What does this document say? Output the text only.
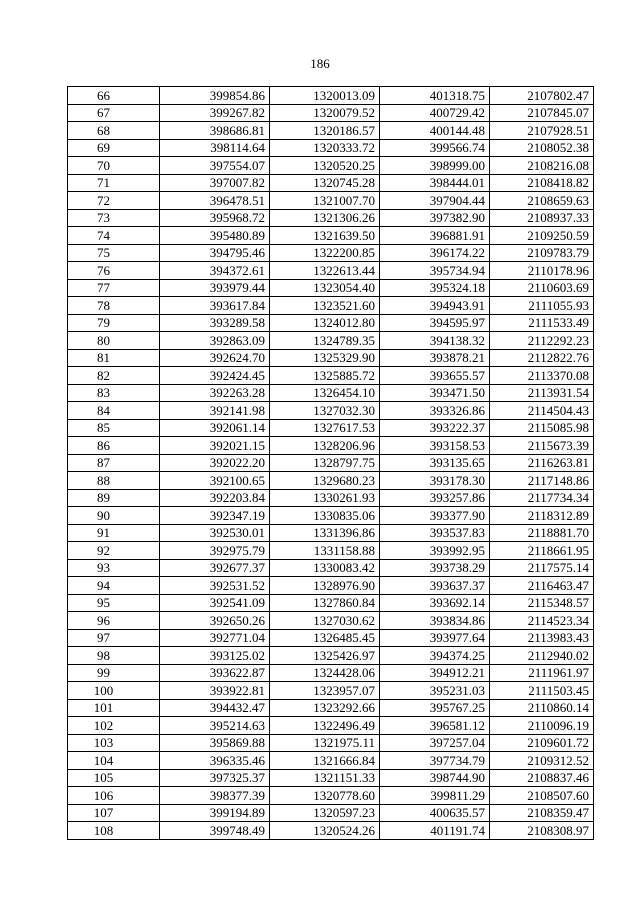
186
66	399854.86	1320013.09	401318.75	2107802.47
67	399267.82	1320079.52	400729.42	2107845.07
68	398686.81	1320186.57	400144.48	2107928.51
69	398114.64	1320333.72	399566.74	2108052.38
70	397554.07	1320520.25	398999.00	2108216.08
71	397007.82	1320745.28	398444.01	2108418.82
72	396478.51	1321007.70	397904.44	2108659.63
73	395968.72	1321306.26	397382.90	2108937.33
74	395480.89	1321639.50	396881.91	2109250.59
75	394795.46	1322200.85	396174.22	2109783.79
76	394372.61	1322613.44	395734.94	2110178.96
77	393979.44	1323054.40	395324.18	2110603.69
78	393617.84	1323521.60	394943.91	2111055.93
79	393289.58	1324012.80	394595.97	2111533.49
80	392863.09	1324789.35	394138.32	2112292.23
81	392624.70	1325329.90	393878.21	2112822.76
82	392424.45	1325885.72	393655.57	2113370.08
83	392263.28	1326454.10	393471.50	2113931.54
84	392141.98	1327032.30	393326.86	2114504.43
85	392061.14	1327617.53	393222.37	2115085.98
86	392021.15	1328206.96	393158.53	2115673.39
87	392022.20	1328797.75	393135.65	2116263.81
88	392100.65	1329680.23	393178.30	2117148.86
89	392203.84	1330261.93	393257.86	2117734.34
90	392347.19	1330835.06	393377.90	2118312.89
91	392530.01	1331396.86	393537.83	2118881.70
92	392975.79	1331158.88	393992.95	2118661.95
93	392677.37	1330083.42	393738.29	2117575.14
94	392531.52	1328976.90	393637.37	2116463.47
95	392541.09	1327860.84	393692.14	2115348.57
96	392650.26	1327030.62	393834.86	2114523.34
97	392771.04	1326485.45	393977.64	2113983.43
98	393125.02	1325426.97	394374.25	2112940.02
99	393622.87	1324428.06	394912.21	2111961.97
100	393922.81	1323957.07	395231.03	2111503.45
101	394432.47	1323292.66	395767.25	2110860.14
102	395214.63	1322496.49	396581.12	2110096.19
103	395869.88	1321975.11	397257.04	2109601.72
104	396335.46	1321666.84	397734.79	2109312.52
105	397325.37	1321151.33	398744.90	2108837.46
106	398377.39	1320778.60	399811.29	2108507.60
107	399194.89	1320597.23	400635.57	2108359.47
108	399748.49	1320524.26	401191.74	2108308.97
